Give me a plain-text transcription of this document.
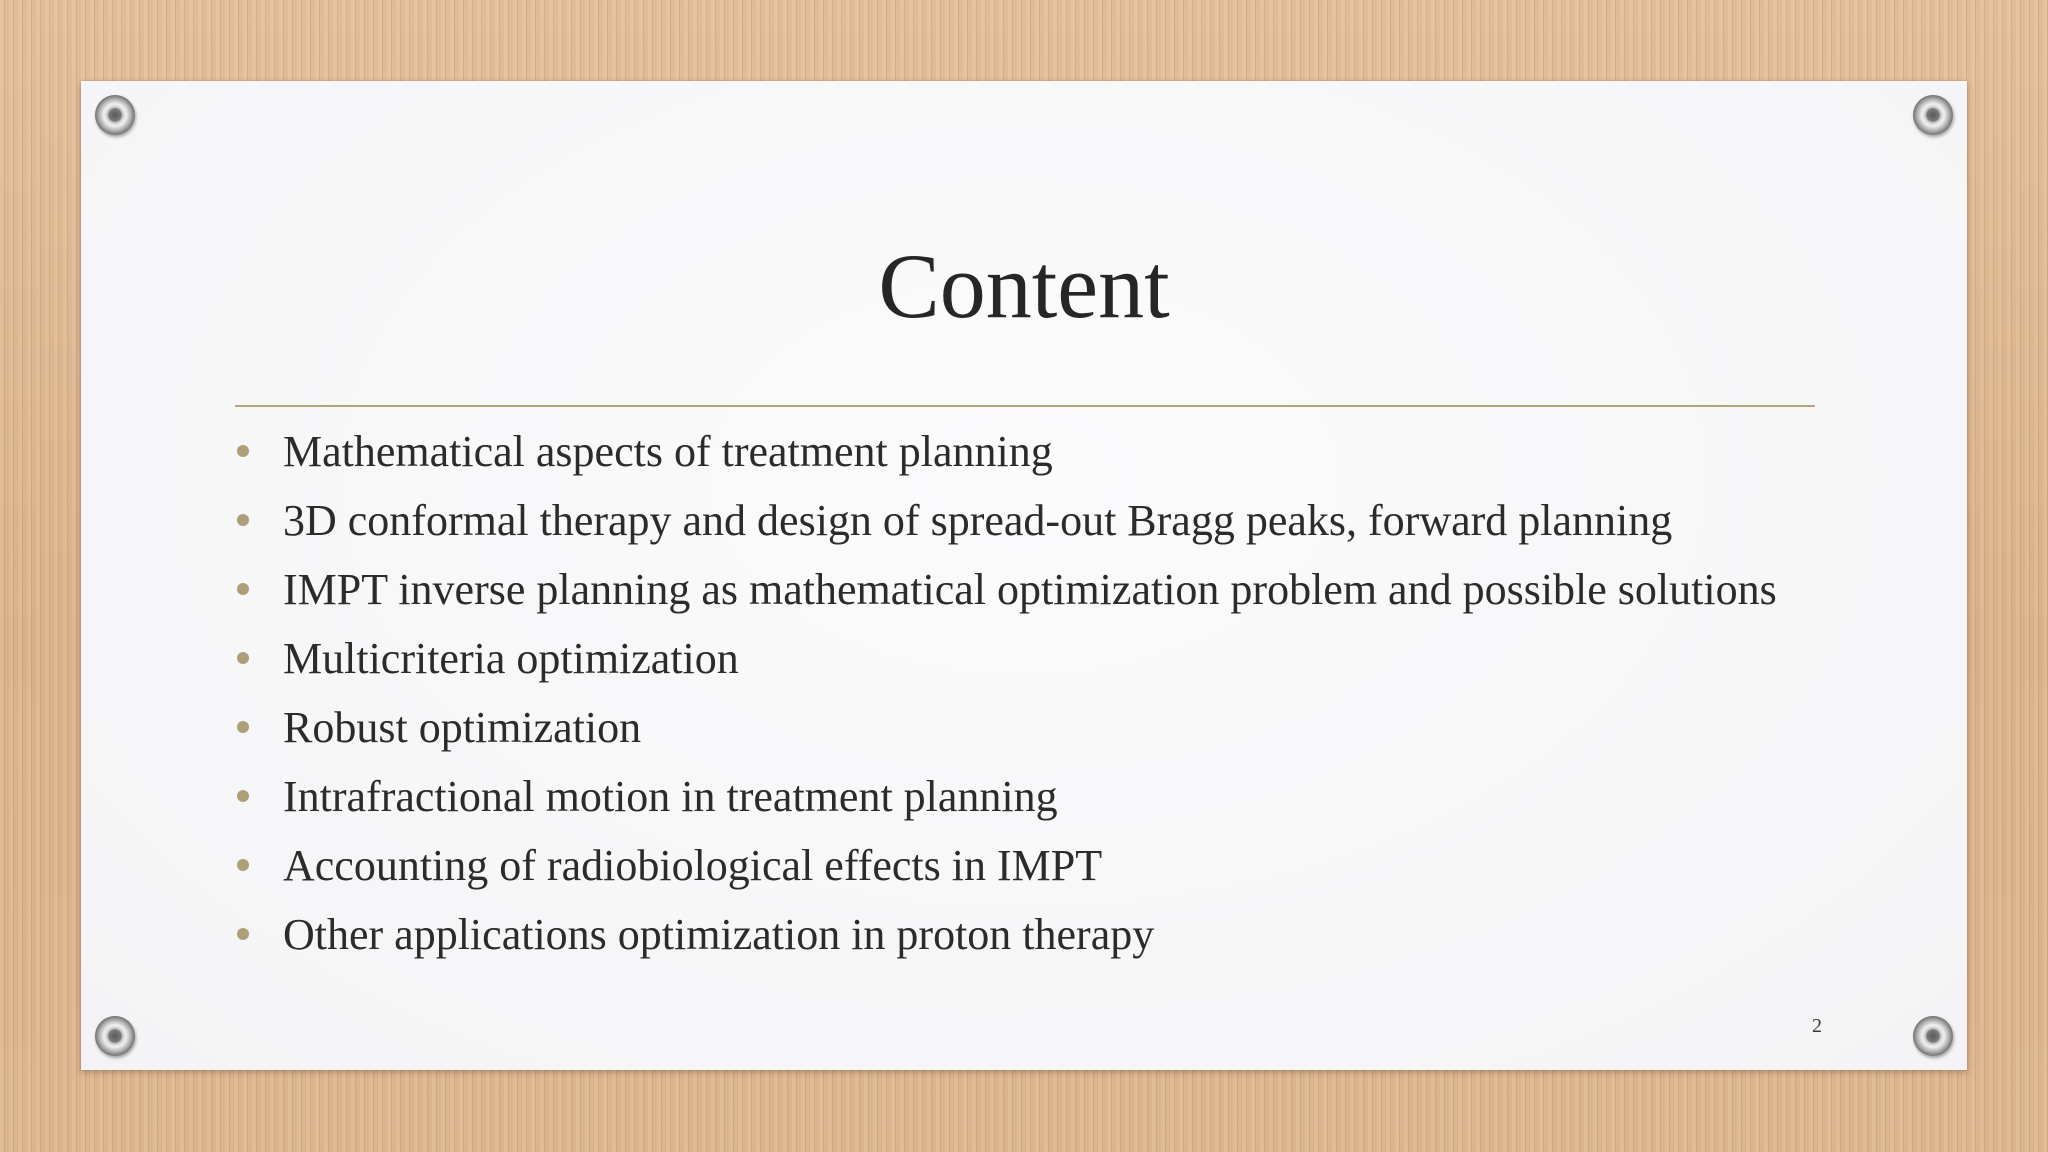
Content
Mathematical aspects of treatment planning
3D conformal therapy and design of spread-out Bragg peaks, forward planning
IMPT inverse planning as mathematical optimization problem and possible solutions
Multicriteria optimization
Robust optimization
Intrafractional motion in treatment planning
Accounting of radiobiological effects in IMPT
Other applications optimization in proton therapy
2
